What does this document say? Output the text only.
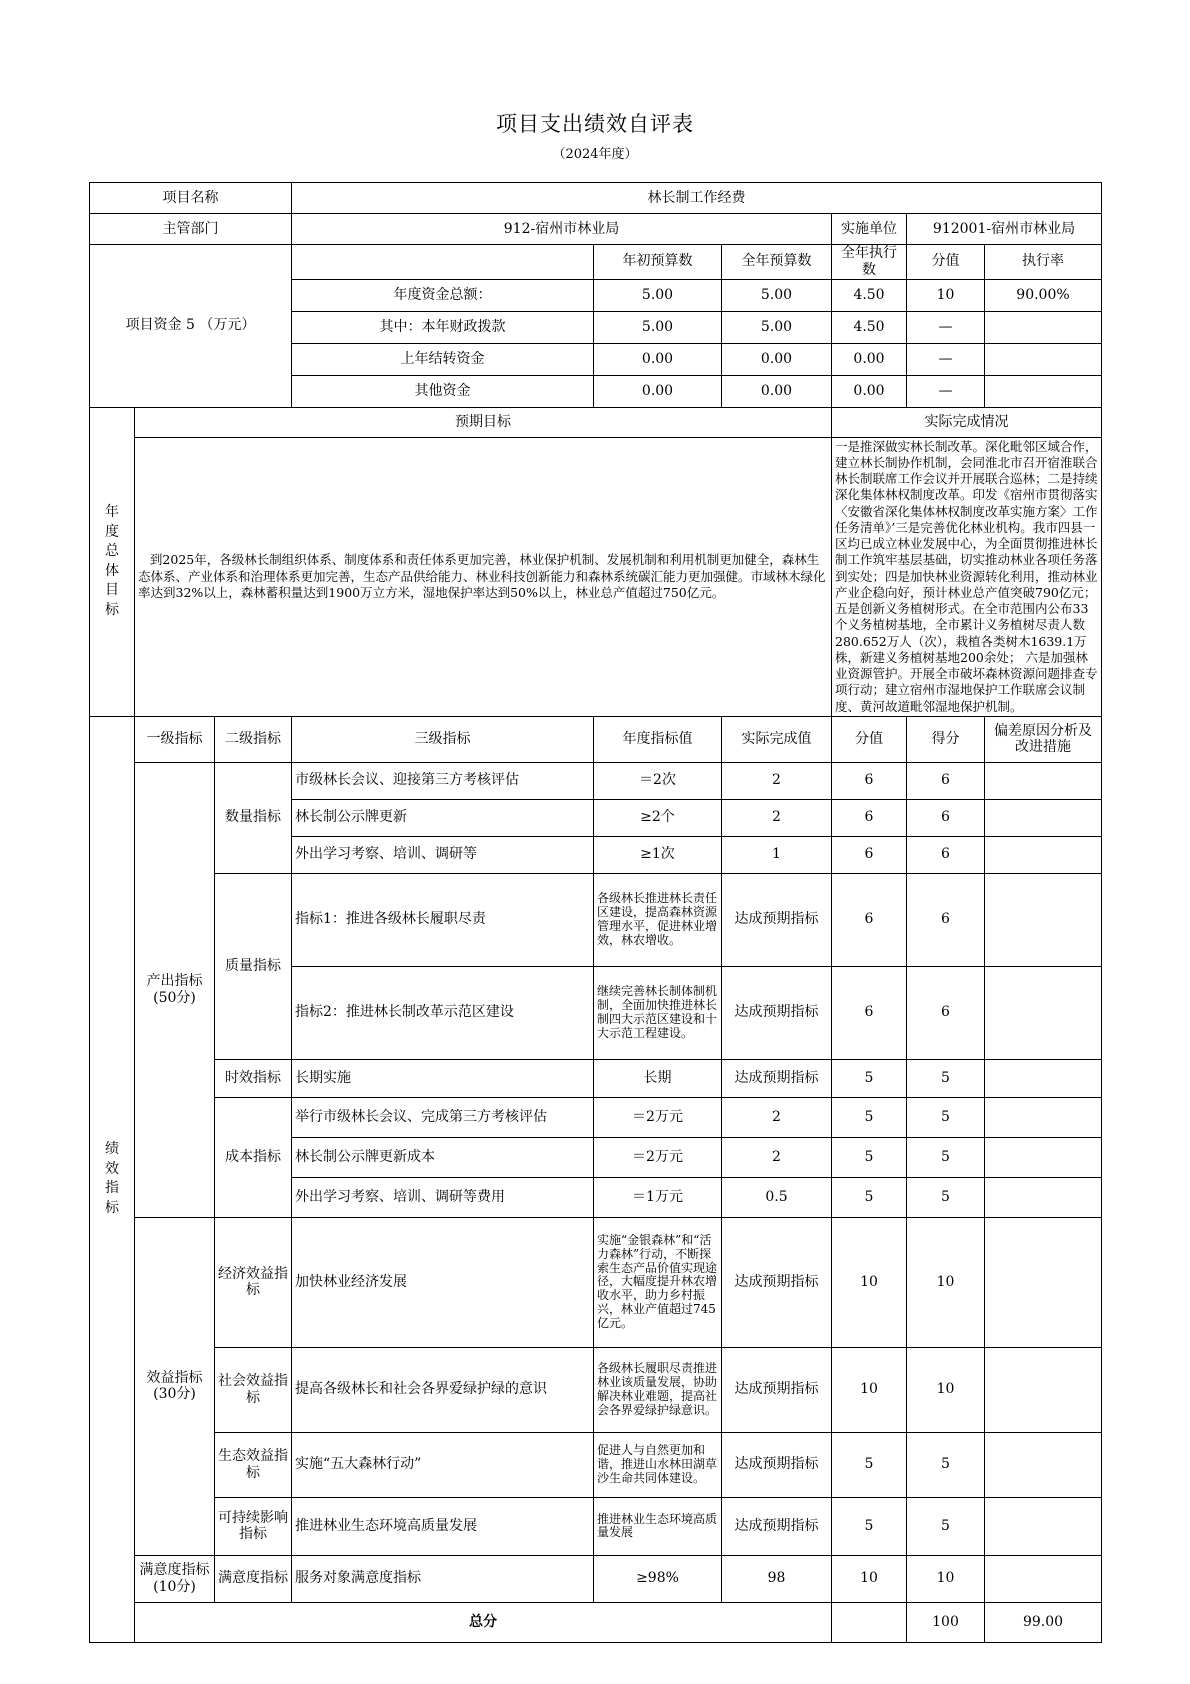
项目支出绩效自评表
（2024年度）
项目名称			林长制工作经费						
主管部门			912-宿州市林业局			实施单位	912001-宿州市林业局		
项目资金 5 （万元）				年初预算数	全年预算数	全年执行数	分值	执行率	
			年度资金总额：	5.00	5.00	4.50	10	90.00%	
			其中：本年财政拨款	5.00	5.00	4.50	—		
			上年结转资金	0.00	0.00	0.00	—		
			其他资金	0.00	0.00	0.00	—		
年度总体目标	预期目标					实际完成情况			
	到2025年，各级林长制组织体系、制度体系和责任体系更加完善，林业保护机制、发展机制和利用机制更加健全，森林生态体系、产业体系和治理体系更加完善，生态产品供给能力、林业科技创新能力和森林系统碳汇能力更加强健。市域林木绿化率达到32%以上，森林蓄积量达到1900万立方米，湿地保护率达到50%以上，林业总产值超过750亿元。					一是推深做实林长制改革。深化毗邻区域合作，建立林长制协作机制，会同淮北市召开宿淮联合林长制联席工作会议并开展联合巡林；二是持续深化集体林权制度改革。印发《宿州市贯彻落实〈安徽省深化集体林权制度改革实施方案〉工作任务清单》’三是完善优化林业机构。我市四县一区均已成立林业发展中心，为全面贯彻推进林长制工作筑牢基层基础，切实推动林业各项任务落到实处；四是加快林业资源转化利用，推动林业产业企稳向好，预计林业总产值突破790亿元；五是创新义务植树形式。在全市范围内公布33个义务植树基地，全市累计义务植树尽责人数280.652万人（次），栽植各类树木1639.1万株，新建义务植树基地200余处； 六是加强林业资源管护。开展全市破坏森林资源问题排查专项行动；建立宿州市湿地保护工作联席会议制度、黄河故道毗邻湿地保护机制。			
绩效指标	一级指标	二级指标	三级指标	年度指标值	实际完成值	分值	得分	偏差原因分析及改进措施	
	产出指标
(50分)	数量指标	市级林长会议、迎接第三方考核评估	＝2次	2	6	6		
			林长制公示牌更新	≥2个	2	6	6		
			外出学习考察、培训、调研等	≥1次	1	6	6		
		质量指标	指标1：推进各级林长履职尽责	各级林长推进林长责任区建设，提高森林资源管理水平，促进林业增效，林农增收。	达成预期指标	6	6		
			指标2：推进林长制改革示范区建设	继续完善林长制体制机制，全面加快推进林长制四大示范区建设和十大示范工程建设。	达成预期指标	6	6		
		时效指标	长期实施	长期	达成预期指标	5	5		
		成本指标	举行市级林长会议、完成第三方考核评估	＝2万元	2	5	5		
			林长制公示牌更新成本	＝2万元	2	5	5		
			外出学习考察、培训、调研等费用	＝1万元	0.5	5	5		
	效益指标
(30分)	经济效益指标	加快林业经济发展	实施“金银森林”和“活力森林”行动，不断探索生态产品价值实现途径，大幅度提升林农增收水平，助力乡村振兴，林业产值超过745亿元。	达成预期指标	10	10		
		社会效益指标	提高各级林长和社会各界爱绿护绿的意识	各级林长履职尽责推进林业该质量发展，协助解决林业难题，提高社会各界爱绿护绿意识。	达成预期指标	10	10		
		生态效益指标	实施“五大森林行动”	促进人与自然更加和谐，推进山水林田湖草沙生命共同体建设。	达成预期指标	5	5		
		可持续影响指标	推进林业生态环境高质量发展	推进林业生态环境高质量发展	达成预期指标	5	5		
	满意度指标(10分)	满意度指标	服务对象满意度指标	≥98%	98	10	10		
	总分						100	99.00	
